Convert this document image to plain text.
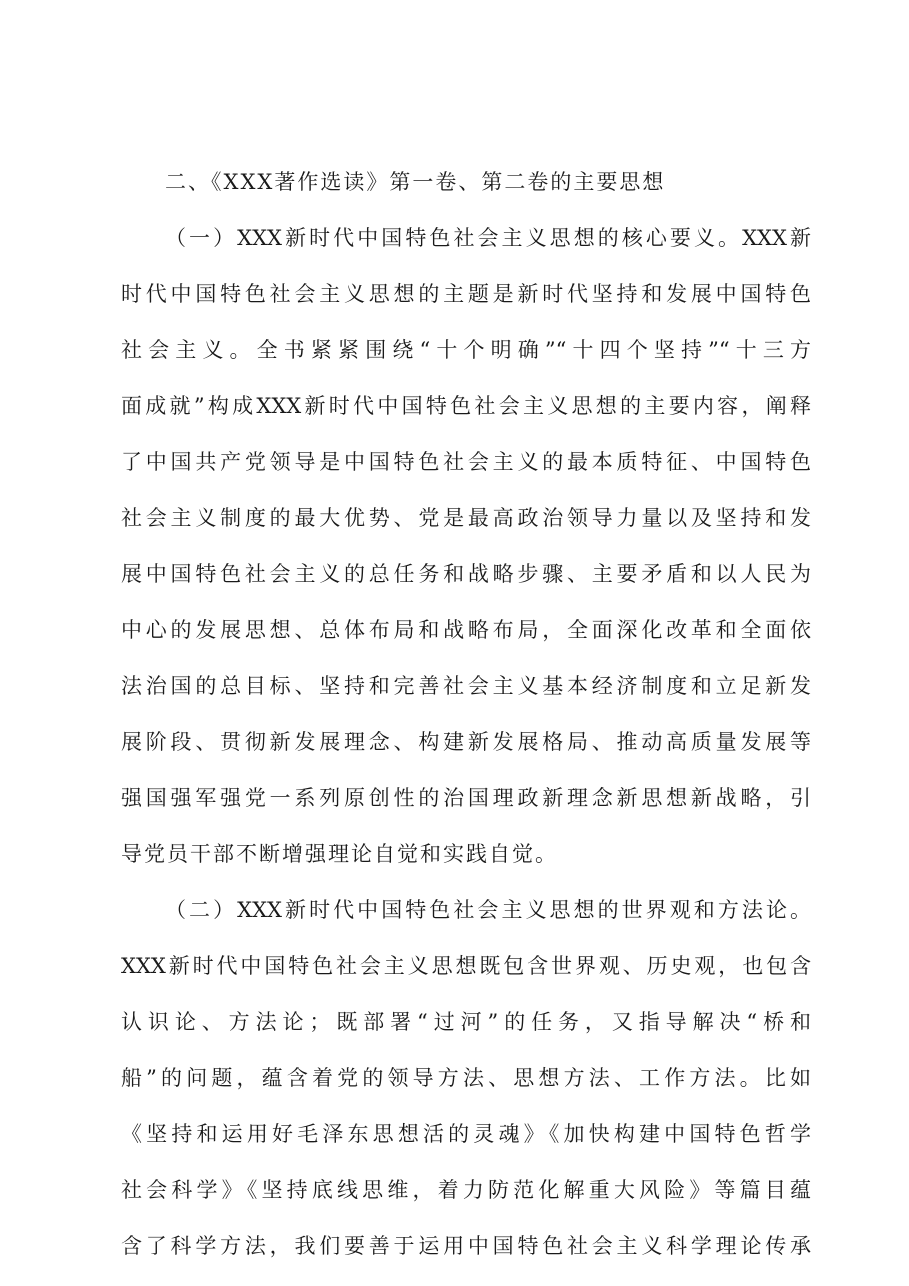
二、《XXX著作选读》第一卷、第二卷的主要思想
（一）XXX新时代中国特色社会主义思想的核心要义。XXX新
时代中国特色社会主义思想的主题是新时代坚持和发展中国特色
社会主义。全书紧紧围绕“十个明确”“十四个坚持”“十三方
面成就”构成XXX新时代中国特色社会主义思想的主要内容，阐释
了中国共产党领导是中国特色社会主义的最本质特征、中国特色
社会主义制度的最大优势、党是最高政治领导力量以及坚持和发
展中国特色社会主义的总任务和战略步骤、主要矛盾和以人民为
中心的发展思想、总体布局和战略布局，全面深化改革和全面依
法治国的总目标、坚持和完善社会主义基本经济制度和立足新发
展阶段、贯彻新发展理念、构建新发展格局、推动高质量发展等
强国强军强党一系列原创性的治国理政新理念新思想新战略，引
导党员干部不断增强理论自觉和实践自觉。
（二）XXX新时代中国特色社会主义思想的世界观和方法论。
XXX新时代中国特色社会主义思想既包含世界观、历史观，也包含
认识论、方法论；既部署“过河”的任务，又指导解决“桥和
船”的问题，蕴含着党的领导方法、思想方法、工作方法。比如
《坚持和运用好毛泽东思想活的灵魂》《加快构建中国特色哲学
社会科学》《坚持底线思维，着力防范化解重大风险》等篇目蕴
含了科学方法，我们要善于运用中国特色社会主义科学理论传承
